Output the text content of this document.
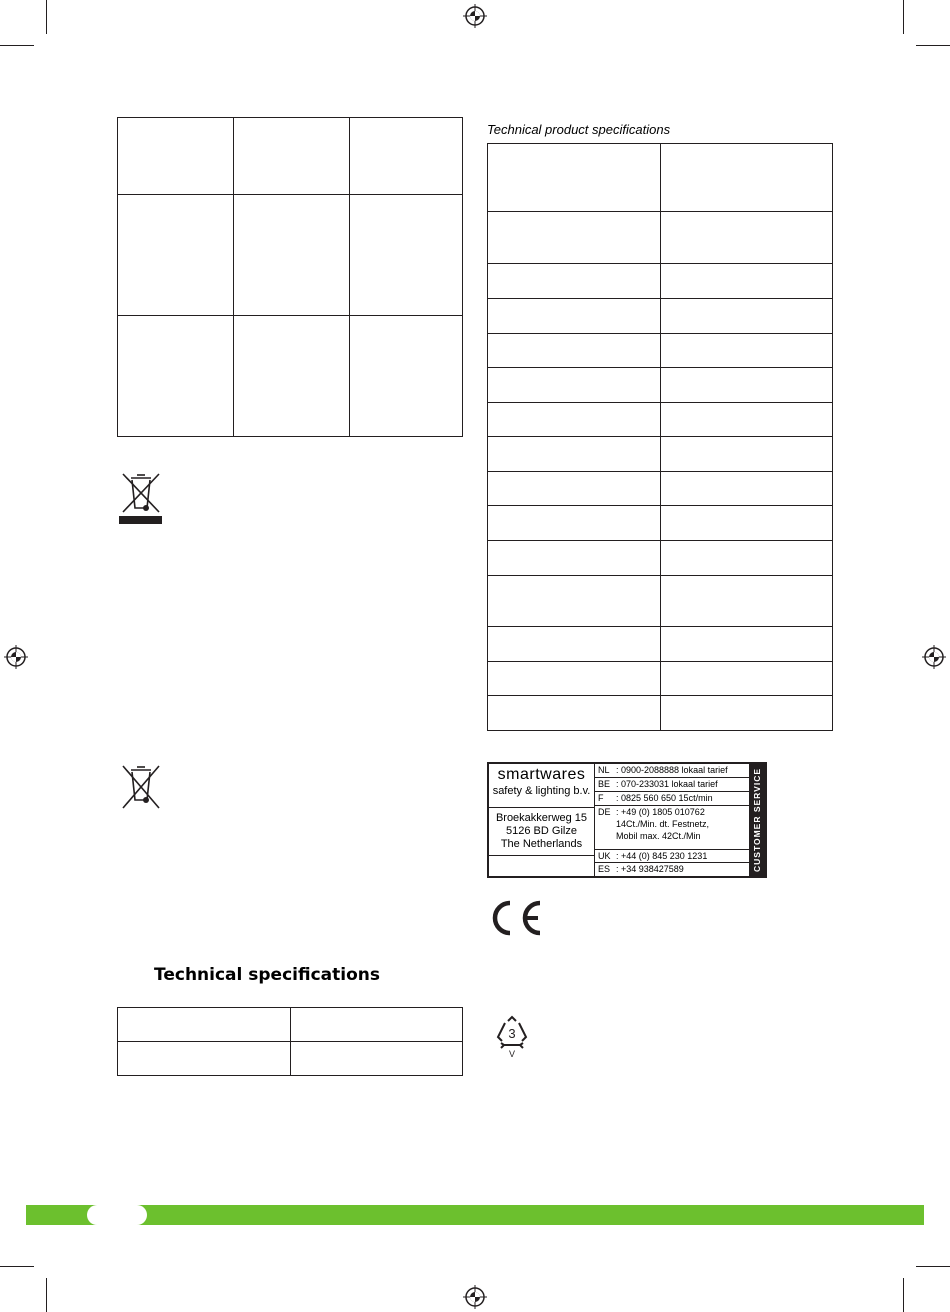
Technical specifications

Technical product specifications

smartwares
safety & lighting b.v.
Broekakkerweg 15
5126 BD Gilze
The Netherlands
NL : 0900-2088888 lokaal tarief
BE : 070-233031 lokaal tarief
F : 0825 560 650 15ct/min
DE : +49 (0) 1805 010762
14Ct./Min. dt. Festnetz,
Mobil max. 42Ct./Min
UK : +44 (0) 845 230 1231
ES : +34 938427589	CUSTOMER SERVICE
3
V
